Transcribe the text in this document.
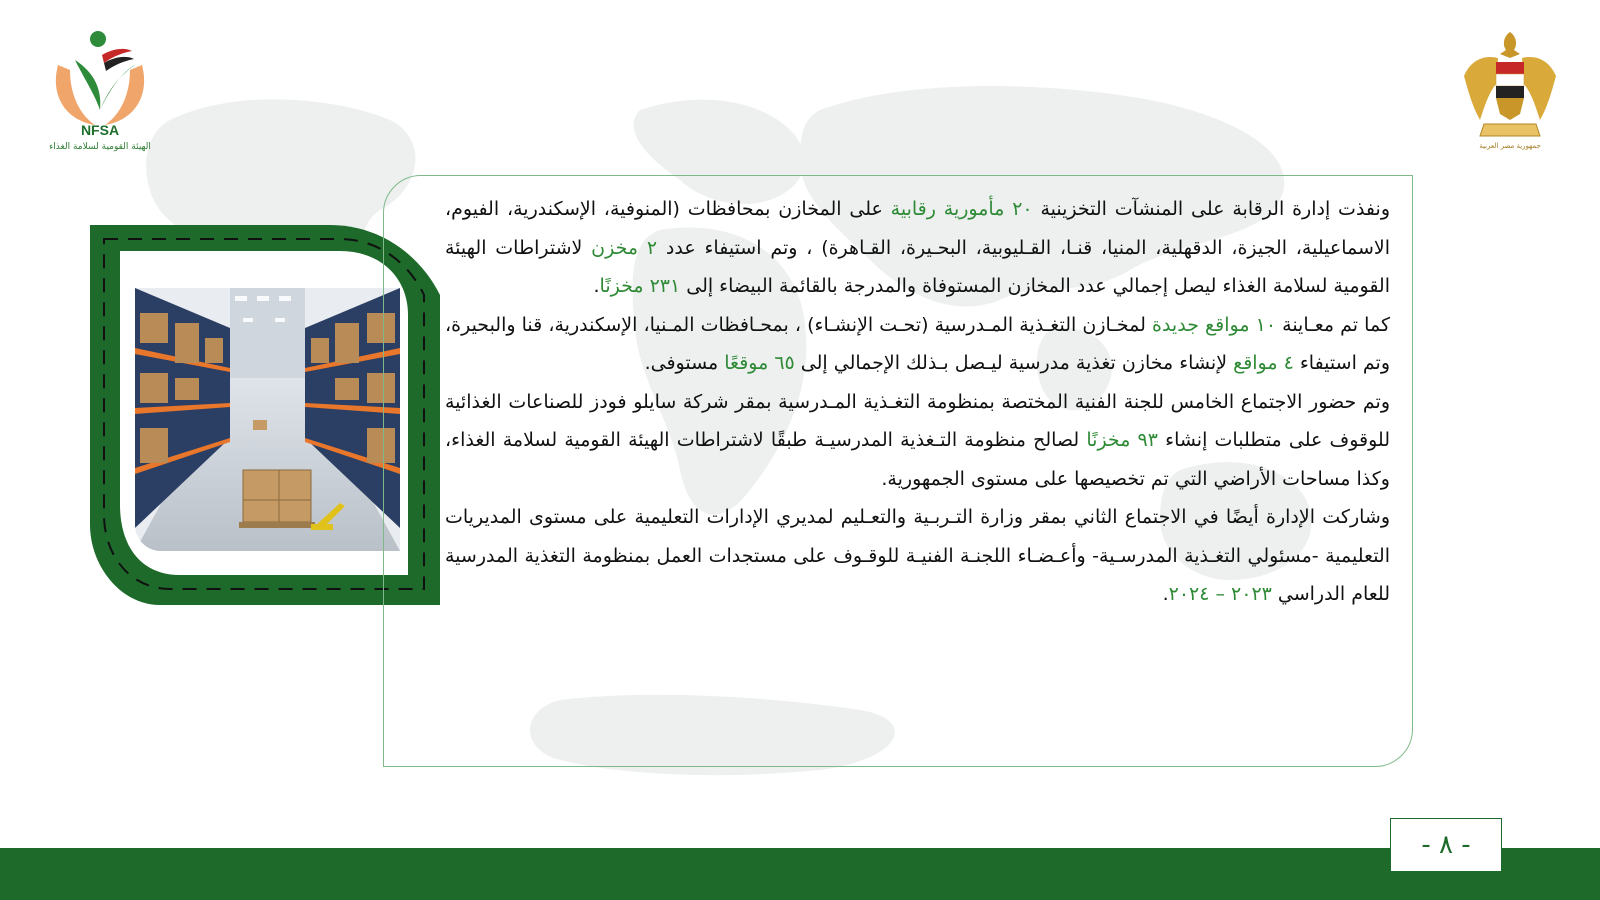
NFSA
الهيئة القومية لسلامة الغذاء	جمهورية مصر العربية

ونفذت إدارة الرقابة على المنشآت التخزينية ٢٠ مأمورية رقابية على المخازن بمحافظات (المنوفية، الإسكندرية، الفيوم، الاسماعيلية، الجيزة، الدقهلية، المنيا، قنـا، القـليوبية، البحـيرة، القـاهرة) ، وتم استيفاء عدد ٢ مخزن لاشتراطات الهيئة القومية لسلامة الغذاء ليصل إجمالي عدد المخازن المستوفاة والمدرجة بالقائمة البيضاء إلى ٢٣١ مخزنًا.

كما تم معـاينة ١٠ مواقع جديدة لمخـازن التغـذية المـدرسية (تحـت الإنشـاء) ، بمحـافظات المـنيا، الإسكندرية، قنا والبحيرة، وتم استيفاء ٤ مواقع لإنشاء مخازن تغذية مدرسية ليـصل بـذلك الإجمالي إلى ٦٥ موقعًا مستوفى.

وتم حضور الاجتماع الخامس للجنة الفنية المختصة بمنظومة التغـذية المـدرسية بمقر شركة سايلو فودز للصناعات الغذائية للوقوف على متطلبات إنشاء ٩٣ مخزنًا لصالح منظومة التـغذية المدرسيـة طبقًا لاشتراطات الهيئة القومية لسلامة الغذاء، وكذا مساحات الأراضي التي تم تخصيصها على مستوى الجمهورية.

وشاركت الإدارة أيضًا في الاجتماع الثاني بمقر وزارة التـربـية والتعـليم لمديري الإدارات التعليمية على مستوى المديريات التعليمية -مسئولي التغـذية المدرسـية- وأعـضـاء اللجنـة الفنيـة للوقـوف على مستجدات العمل بمنظومة التغذية المدرسية للعام الدراسي ٢٠٢٣ – ٢٠٢٤.

- ٨ -
